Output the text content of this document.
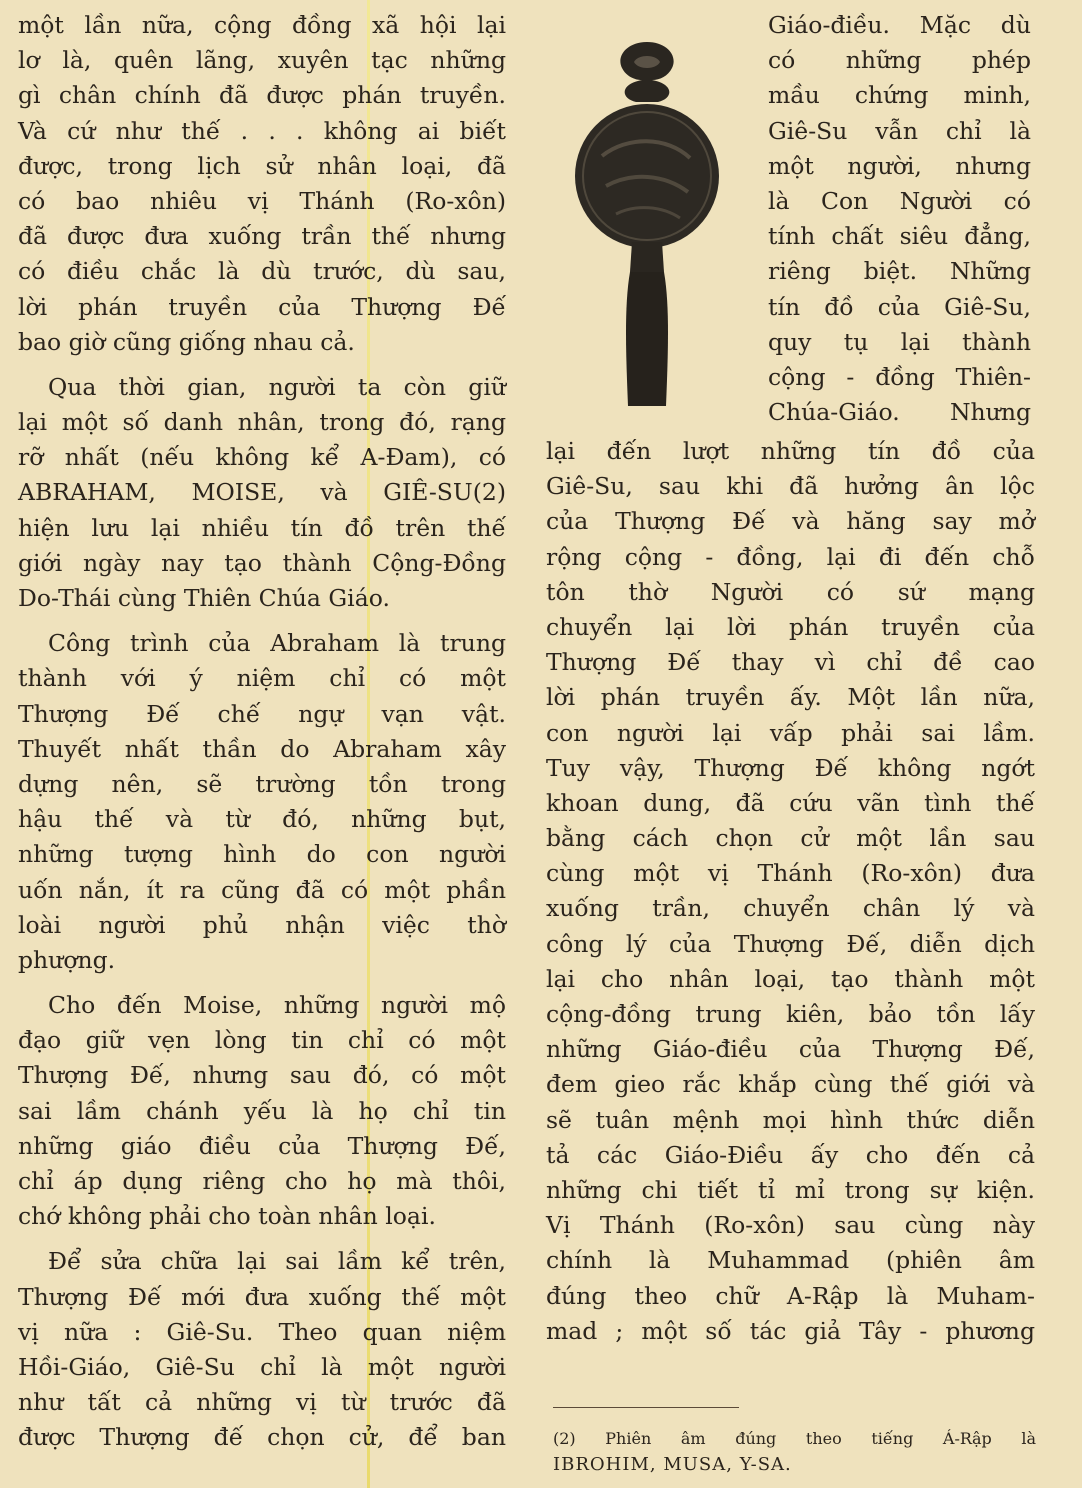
một lần nữa, cộng đồng xã hội lại
lơ là, quên lãng, xuyên tạc những
gì chân chính đã được phán truyền.
Và cứ như thế . . . không ai biết
được, trong lịch sử nhân loại, đã
có bao nhiêu vị Thánh (Ro-xôn)
đã được đưa xuống trần thế nhưng
có điều chắc là dù trước, dù sau,
lời phán truyền của Thượng Đế
bao giờ cũng giống nhau cả.
Qua thời gian, người ta còn giữ
lại một số danh nhân, trong đó, rạng
rỡ nhất (nếu không kể A-Đam), có
ABRAHAM, MOISE, và GIÊ-SU(2)
hiện lưu lại nhiều tín đồ trên thế
giới ngày nay tạo thành Cộng-Đồng
Do-Thái cùng Thiên Chúa Giáo.
Công trình của Abraham là trung
thành với ý niệm chỉ có một
Thượng Đế chế ngự vạn vật.
Thuyết nhất thần do Abraham xây
dựng nên, sẽ trường tồn trong
hậu thế và từ đó, những bụt,
những tượng hình do con người
uốn nắn, ít ra cũng đã có một phần
loài người phủ nhận việc thờ
phượng.
Cho đến Moise, những người mộ
đạo giữ vẹn lòng tin chỉ có một
Thượng Đế, nhưng sau đó, có một
sai lầm chánh yếu là họ chỉ tin
những giáo điều của Thượng Đế,
chỉ áp dụng riêng cho họ mà thôi,
chớ không phải cho toàn nhân loại.
Để sửa chữa lại sai lầm kể trên,
Thượng Đế mới đưa xuống thế một
vị nữa : Giê-Su. Theo quan niệm
Hồi-Giáo, Giê-Su chỉ là một người
như tất cả những vị từ trước đã
được Thượng đế chọn cử, để ban
Giáo-điều. Mặc dù
có những phép
mầu chứng minh,
Giê-Su vẫn chỉ là
một người, nhưng
là Con Người có
tính chất siêu đẳng,
riêng biệt. Những
tín đồ của Giê-Su,
quy tụ lại thành
cộng - đồng Thiên-
Chúa-Giáo. Nhưng
lại đến lượt những tín đồ của
Giê-Su, sau khi đã hưởng ân lộc
của Thượng Đế và hăng say mở
rộng cộng - đồng, lại đi đến chỗ
tôn thờ Người có sứ mạng
chuyển lại lời phán truyền của
Thượng Đế thay vì chỉ đề cao
lời phán truyền ấy. Một lần nữa,
con người lại vấp phải sai lầm.
Tuy vậy, Thượng Đế không ngớt
khoan dung, đã cứu vãn tình thế
bằng cách chọn cử một lần sau
cùng một vị Thánh (Ro-xôn) đưa
xuống trần, chuyển chân lý và
công lý của Thượng Đế, diễn dịch
lại cho nhân loại, tạo thành một
cộng-đồng trung kiên, bảo tồn lấy
những Giáo-điều của Thượng Đế,
đem gieo rắc khắp cùng thế giới và
sẽ tuân mệnh mọi hình thức diễn
tả các Giáo-Điều ấy cho đến cả
những chi tiết tỉ mỉ trong sự kiện.
Vị Thánh (Ro-xôn) sau cùng này
chính là Muhammad (phiên âm
đúng theo chữ A-Rập là Muham-
mad ; một số tác giả Tây - phương
(2) Phiên âm đúng theo tiếng Á-Rập là
IBROHIM, MUSA, Y-SA.
